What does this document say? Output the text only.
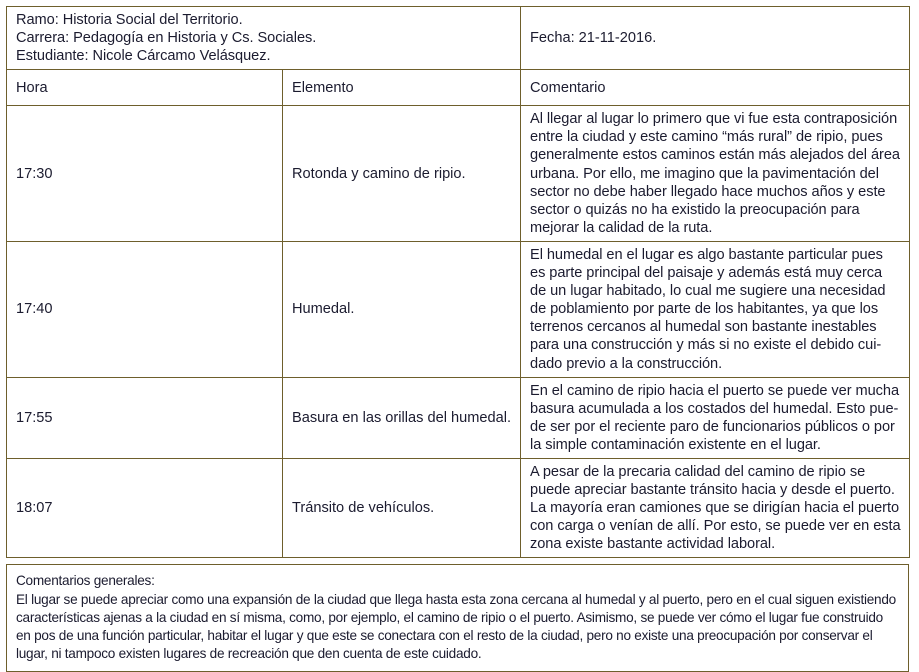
Ramo: Historia Social del Territorio.
Carrera: Pedagogía en Historia y Cs. Sociales.
Estudiante: Nicole Cárcamo Velásquez.		Fecha: 21-11-2016.
Hora	Elemento	Comentario
17:30	Rotonda y camino de ripio.	Al llegar al lugar lo primero que vi fue esta contraposición entre la ciudad y este camino “más rural” de ripio, pues generalmente estos caminos están más alejados del área urbana. Por ello, me imagino que la pavimentación del sector no debe haber llegado hace muchos años y este sector o quizás no ha existido la preocupación para mejorar la calidad de la ruta.
17:40	Humedal.	El humedal en el lugar es algo bastante particular pues es parte principal del paisaje y además está muy cerca de un lugar habitado, lo cual me sugiere una necesidad de poblamiento por parte de los habitantes, ya que los terrenos cercanos al humedal son bastante inestables para una construcción y más si no existe el debido cui-dado previo a la construcción.
17:55	Basura en las orillas del humedal.	En el camino de ripio hacia el puerto se puede ver mucha basura acumulada a los costados del humedal. Esto pue-de ser por el reciente paro de funcionarios públicos o por la simple contaminación existente en el lugar.
18:07	Tránsito de vehículos.	A pesar de la precaria calidad del camino de ripio se puede apreciar bastante tránsito hacia y desde el puerto. La mayoría eran camiones que se dirigían hacia el puerto con carga o venían de allí. Por esto, se puede ver en esta zona existe bastante actividad laboral.
Comentarios generales:
El lugar se puede apreciar como una expansión de la ciudad que llega hasta esta zona cercana al humedal y al puerto, pero en el cual siguen existiendo características ajenas a la ciudad en sí misma, como, por ejemplo, el camino de ripio o el puerto. Asimismo, se puede ver cómo el lugar fue construido en pos de una función particular, habitar el lugar y que este se conectara con el resto de la ciudad, pero no existe una preocupación por conservar el lugar, ni tampoco existen lugares de recreación que den cuenta de este cuidado.
